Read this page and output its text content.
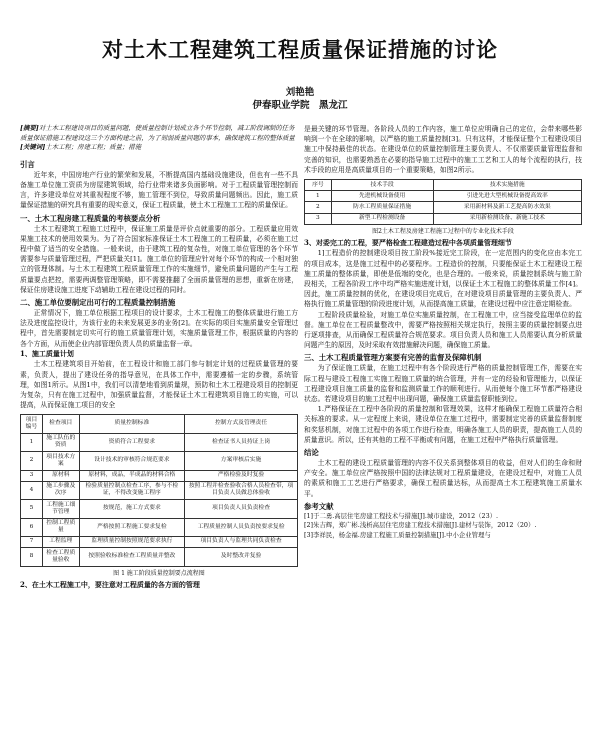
对土木工程建筑工程质量保证措施的讨论
刘艳艳
伊春职业学院　黑龙江
[摘要]对土木工程建设项目的质量问题，使质量控制计划成立各个环节控制，减工阶段调制的任务质量保证措施工程建设这三个方面构建之前，为了刻弱质量问题的事本，确保建筑工程的整体质量
[关键词]土木工程；房建工程；质量；措施
引言
近年来，中国房地产行业的繁荣和发展，不断提高国内基础设施建设，但也有一些不具备施工单位施工资质为房屋建筑领域，给行业带来诸多负面影响。对于工程质量管理控制而言，许多建设单位对其重视程度不够，施工管理不到位，导致质量问题频出。因此，施工质量保证措施的研究具有重要的现实意义，保证工程质量，使土木工程施工工程的质量保证。
一、土木工程房建工程质量的考核要点分析
土木工程建筑工程施工过程中，保证施工质量是评价点就重要的部分。工程质量应用效果施工技术的使用效果为。为了符合国家标准保证土木工程施工的工程质量，必须在施工过程中做了适当的安全措施。一般来说，由于建筑工程的复杂性，对施工单位管理的各个环节需要参与质量管理过程，严把质量关[1]。施工单位的管理应针对每个环节的构成一个相对独立的管理体制。与土木工程建筑工程质量管理工作的实施细节，避免质量问题的产生与工程质量要点把控，需要两调整管理策略，即不需要推翻了全面质量管理的思想，重新在房建，保证住房建设施工进度下动辅助工程在建设过程的同时。
二、施工单位要制定出可行的工程质量控制措施
正常情况下，施工单位根据工程项目的设计要求，土木工程施工的整体质量进行施工方法及进度监控设计，为该行业的未来发展更多的业务[2]。在实际的项目实施质量安全管理过程中，首先需要制定切实可行的施工质量管理计划，实施质量管理工作，根据质量的内容的各个方面，从而使企业内部管理负责人员的质量监督一章。
1、施工质量计划
土木工程建筑项目开始前，在工程设计和施工部门参与制定计划的过程质量管理的要素，负责人，提出了建设任务的指导意见，在具体工作中，需要遵循一定的步骤，系统管理，如图1所示。从图1中，我们可以清楚地看到质量规，预防和土木工程建设项目的控制更为复杂，只有在施工过程中，加强质量监督，才能保证土木工程建筑项目施工的实施，可以提高，从而保证施工项目的安全
项目编号	检查项目	质量控制标准	控制方式及管理责任
1	施工队伍的资质	资质符合工程要求	检查证书人员持证上岗
2	项目技术方案	设计技术的审核符合规范要求	方案审核后实施
3	原材料	原材料，成品，半成品的材料合格	严格检验及时复验
4	施工步骤及次序	检验质量控制点检查工序，参与不检证，不得改变施工程序	按照工程并检查验收合格人员检查带，项目负责人员做总体验收
5	工程施工细节管理	按规范，施工方式要求	项目负责人员负责检查
6	控制工程质量	严格按照工程施工要求复检	工程质量控制人员负责按要求复检
7	工程监理	监理质量控制按照规范要求执行	项目负责人与监理共同负责检查
8	检查工程质量验收	按照验收标准检查工程质量并整改	及时整改并复验
图 1 施工阶段质量控制要点流程图
2、在土木工程施工中，要注意对工程质量的各方面的管理
是最关键的环节管理。各阶段人员的工作内容，施工单位应明确自己的定位，会带来哪些影响到一个在全球的影响，以严格的施工质量控制[3]。只有这样，才能保证整个工程建设项目施工中保持最佳的状态。在建设单位的质量控制管理主要负责人、不仅需要质量管理监督和完善的知识，也需要熟悉在必要的指导施工过程中的施工工艺和工人的每个流程的执行，技术手段的应用是高质量项目的一个重要策略，如图2所示。
序号	技术手段	技术实施措施
1	先进机械设备使用	引进先进大型机械设备提高效率
2	防水工程质量保证措施	采用新材料及新工艺提高防水效果
3	新型工程检测设备	采用新检测设备、新施工技术
图2土木工程及房建工程施工过程中的专业化技术手段
3、对委完工的工程，要严格检查工程建造过程中各项质量管理细节
1]工程造价的控制建设项目按工阶段%接近完工阶段，在一定范围内的变化应由本完工的项目成本，这是施工过程中的必要程序。工程造价的控制，只要能保证土木工程建设工程施工质量的整体质量，即使是低端的变化，也是合理的。一般来说，质量控制系统与施工阶段相关，工程各阶段工序中均严格实施进度计划，以保证土木工程施工的整体质量工作[4]。因此，施工质量控制的优化，在建设项目完成后，在对建设项目质量管理的主要负责人、严格执行施工质量管理的阶段进度计划，从而提高施工质量，在建设过程中应注意定期检查。
工程阶段质量检验，对施工单位实施质量控制，在工程施工中，应当接受监理单位的监督。施工单位在工程质量整改中，需要严格按照相关规定执行，按照主要的质量控制要点进行逐项排查，从而确保工程质量符合规范要求。项目负责人员和施工人员需要认真分析质量问题产生的原因，及时采取有效措施解决问题，确保施工质量。
三、土木工程质量管理方案要有完善的监督及保障机制
为了保证施工质量，在施工过程中有各个阶段进行严格的质量控制管理工作，需要在实际工程与建设工程施工实施工程施工质量的统合管理，并有一定的经验和管理能力，以保证工程建设项目施工质量的监督和监测质量工作的顺利进行。从而使每个施工环节都严格建设状态。若建设项目的施工过程中出现问题，确保施工质量监督职能到位。
1.严格保证在工程中各阶段的质量控制和管理效果，这样才能确保工程施工质量符合相关标准的要求。从一定程度上来说，建设单位在施工过程中，需要制定完善的质量监督制度和奖惩机制，对施工过程中的各项工作进行检查，明确各施工人员的职责，提高施工人员的质量意识。所以，还有其他的工程不平衡或有问题，在施工过程中严格执行质量管理。
结论
土木工程的建设工程质量管理的内容不仅关系到整体项目的收益，但对人们的生命和财产安全。施工单位应严格按照中国的法律法规对工程质量建设，在建设过程中，对施工人员的素质和施工工艺进行严格要求，确保工程质量达标，从而提高土木工程建筑施工质量水平。
参考文献
[1]于二勇.高层住宅房建工程技术与措施[J].城市建设，2012（23）.
[2]朱吉辉，郑广彬.浅析高层住宅房建工程技术措施[J].建材与装饰，2012（20）.
[3]李祥民，杨金福.房建工程施工质量控制措施[J].中小企业管理与
